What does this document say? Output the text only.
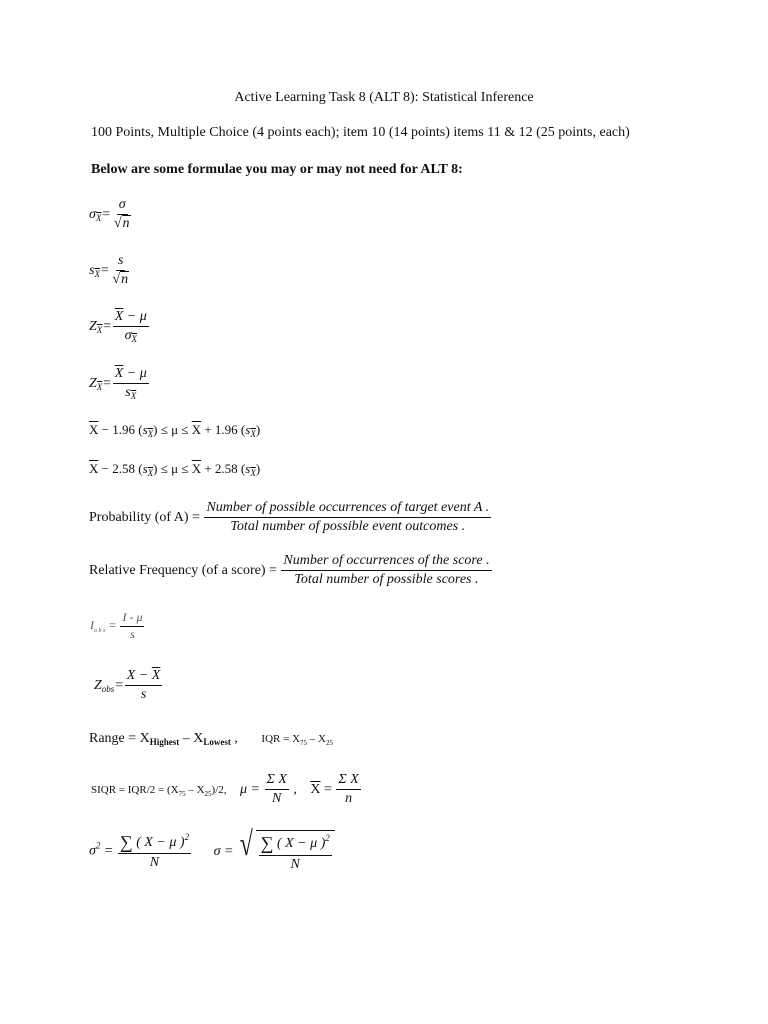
Active Learning Task 8 (ALT 8): Statistical Inference
100 Points, Multiple Choice (4 points each); item 10 (14 points) items 11 & 12 (25 points, each)
Below are some formulae you may or may not need for ALT 8:
$\sigma_{\overline{X}}= \frac{\sigma}{√n}$
$s_{\overline{X}}= \frac{s}{√n}$
$Z_{\overline{X}}= \frac{\overline{X} - \mu}{\sigma_{\overline{X}}}$
$Z_{\overline{X}}= \frac{\overline{X} - \mu}{s_{\overline{X}}}$
$\overline{X} - 1.96$ $(s_{\overline{X}}) \le \mu \le \overline{X} + 1.96$ $(s_{\overline{X}})$
$\overline{X} - 2.58$ $(s_{\overline{X}}) \le \mu \le \overline{X} + 2.58$ $(s_{\overline{X}})$
Probability (of $A) = \frac{\text{Number of possible occurrences of target event A .}}{\text{Total number of possible event outcomes .}}$
Relative Frequency (of a score) = $\frac{\text{Number of occurrences of the score .}}{\text{Total number of possible scores .}}$
$I_{o b s} = \frac{I - \mu}{s}$
$Z_{obs}= \frac{X - \overline{X}}{s}$
Range = $X_{Highest} - X_{Lowest}$ , IQR = $X_{75} - X_{25}$
SIQR = $IQR/2 = (X_{75} - X_{25})/2$, $\mu = \frac{\text{Σ X}}{N}$ , $\overline{X} = \frac{\text{Σ X}}{n}$
$\sigma^2 = \frac{\sum ( X - \mu )^2}{N}$ σ = √ $\frac{\sum ( X - \mu )^2}{N}$
